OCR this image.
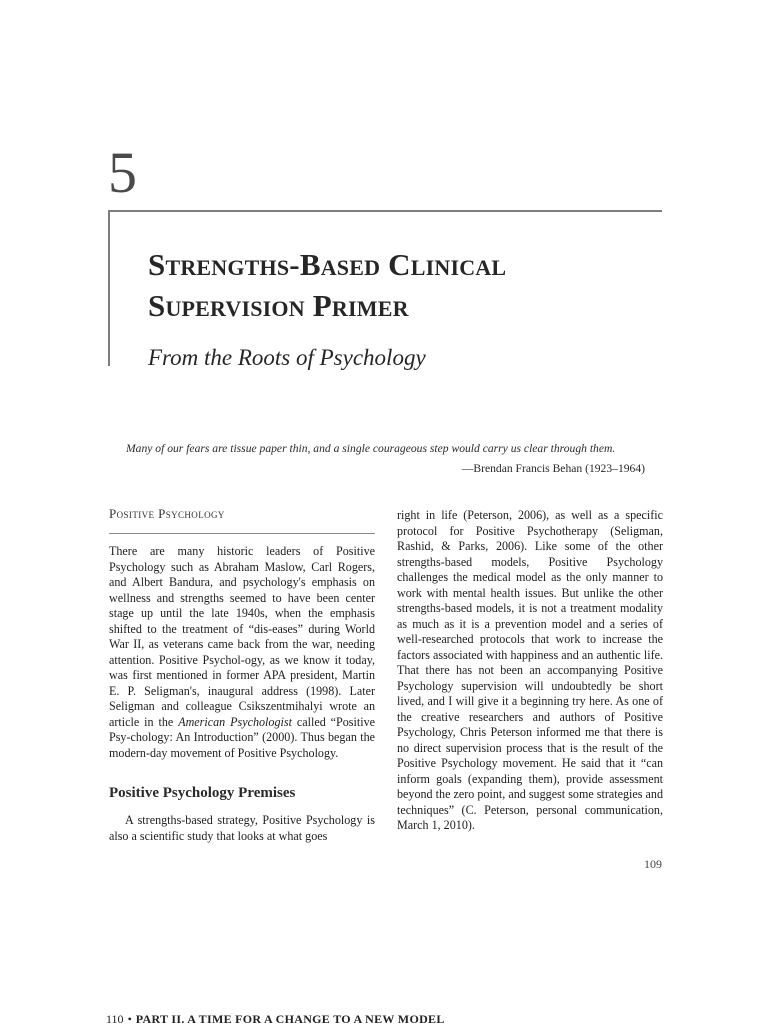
5
Strengths-Based Clinical
Supervision Primer
From the Roots of Psychology
Many of our fears are tissue paper thin, and a single courageous step would carry us clear through them.
—Brendan Francis Behan (1923–1964)
Positive Psychology

There are many historic leaders of Positive Psychology such as Abraham Maslow, Carl Rogers, and Albert Bandura, and psychology's emphasis on wellness and strengths seemed to have been center stage up until the late 1940s, when the emphasis shifted to the treatment of “dis-eases” during World War II, as veterans came back from the war, needing attention. Positive Psychol-ogy, as we know it today, was first mentioned in former APA president, Martin E. P. Seligman's, inaugural address (1998). Later Seligman and colleague Csikszentmihalyi wrote an article in the American Psychologist called “Positive Psy-chology: An Introduction” (2000). Thus began the modern-day movement of Positive Psychology.

Positive Psychology Premises

A strengths-based strategy, Positive Psychology is also a scientific study that looks at what goes

right in life (Peterson, 2006), as well as a specific protocol for Positive Psychotherapy (Seligman, Rashid, & Parks, 2006). Like some of the other strengths-based models, Positive Psychology challenges the medical model as the only manner to work with mental health issues. But unlike the other strengths-based models, it is not a treatment modality as much as it is a prevention model and a series of well-researched protocols that work to increase the factors associated with happiness and an authentic life. That there has not been an accompanying Positive Psychology supervision will undoubtedly be short lived, and I will give it a beginning try here. As one of the creative researchers and authors of Positive Psychology, Chris Peterson informed me that there is no direct supervision process that is the result of the Positive Psychology movement. He said that it “can inform goals (expanding them), provide assessment beyond the zero point, and suggest some strategies and techniques” (C. Peterson, personal communication, March 1, 2010).

109
110 • PART II. A TIME FOR A CHANGE TO A NEW MODEL
